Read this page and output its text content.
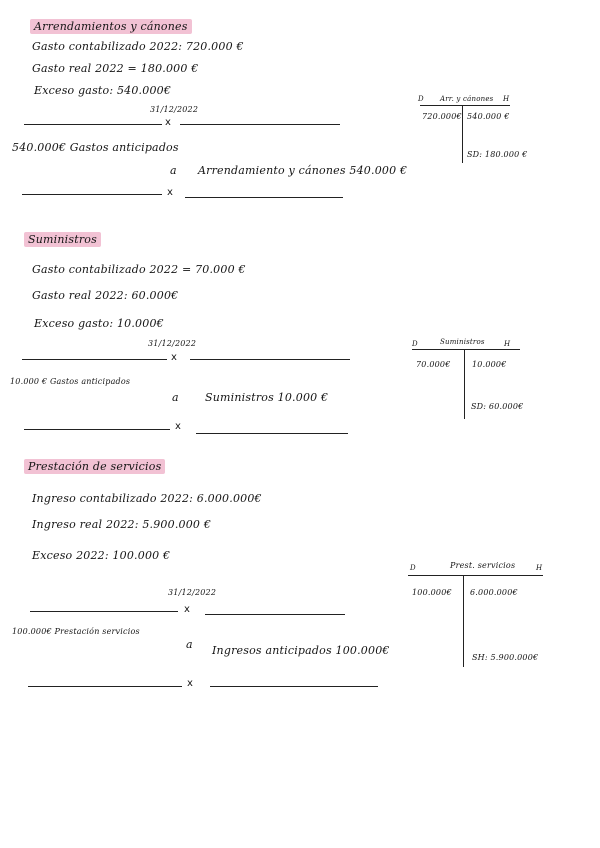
Arrendamientos y cánones
Gasto contabilizado 2022: 720.000 €
Gasto real 2022 = 180.000 €
Exceso gasto: 540.000€
31/12/2022
x
540.000€ Gastos anticipados
a Arrendamiento y cánones 540.000 €
x
D Arr. y cánones H
720.000€ 540.000 €
SD: 180.000 €
Suministros
Gasto contabilizado 2022 = 70.000 €
Gasto real 2022: 60.000€
Exceso gasto: 10.000€
31/12/2022
x
10.000 € Gastos anticipados
a Suministros 10.000 €
x
D	Suministros	H
70.000€	10.000€
SD: 60.000€
Prestación de servicios
Ingreso contabilizado 2022: 6.000.000€
Ingreso real 2022: 5.900.000 €
Exceso 2022: 100.000 €
31/12/2022
x
100.000€ Prestación servicios
a Ingresos anticipados 100.000€
x
D	Prest. servicios	H
100.000€ 6.000.000€
SH: 5.900.000€
